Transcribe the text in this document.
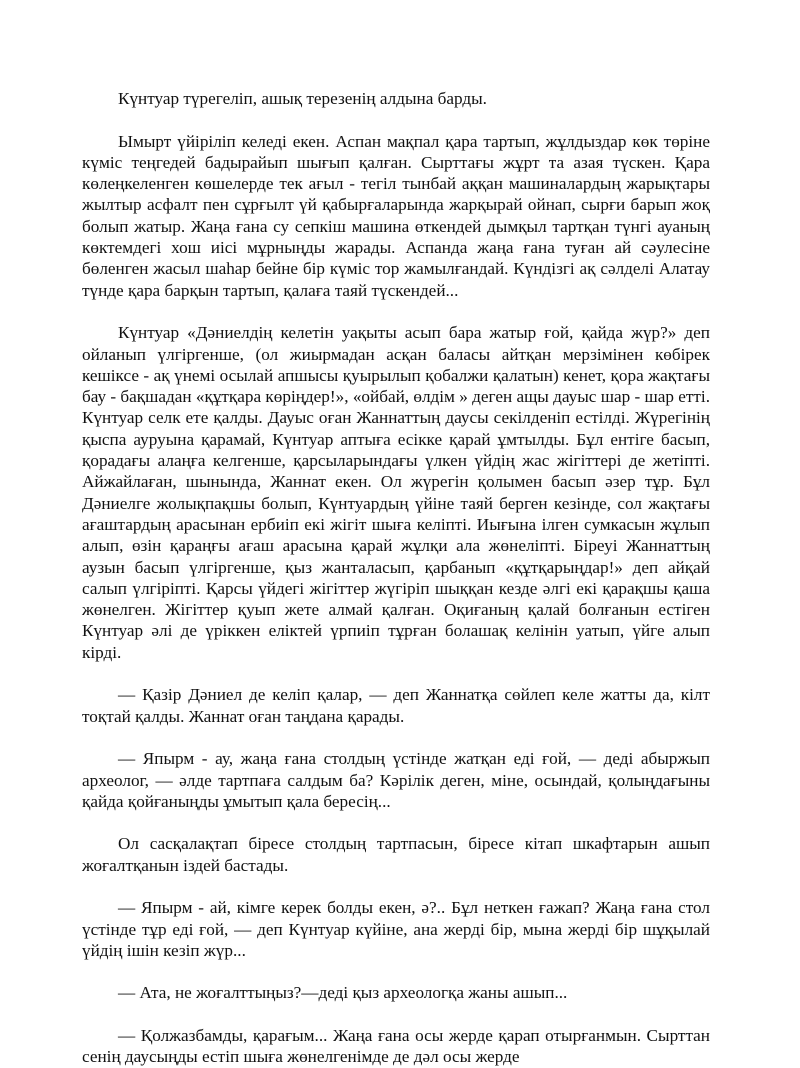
Күнтуар түрегеліп, ашық терезенің алдына барды.

Ымырт үйіріліп келеді екен. Аспан мақпал қара тартып, жұлдыздар көк төріне күміс теңгедей бадырайып шығып қалған. Сырттағы жұрт та азая түскен. Қара көлеңкеленген көшелерде тек ағыл - тегіл тынбай аққан машиналардың жарықтары жылтыр асфалт пен сұрғылт үй қабырғаларында жарқырай ойнап, сырғи барып жоқ болып жатыр. Жаңа ғана су сепкіш машина өткендей дымқыл тартқан түнгі ауаның көктемдегі хош иісі мұрныңды жарады. Аспанда жаңа ғана туған ай сәулесіне бөленген жасыл шаһар бейне бір күміс тор жамылғандай. Күндізгі ақ сәлделі Алатау түнде қара барқын тартып, қалаға таяй түскендей...

Күнтуар «Дәниелдің келетін уақыты асып бара жатыр ғой, қайда жүр?» деп ойланып үлгіргенше, (ол жиырмадан асқан баласы айтқан мерзімінен көбірек кешіксе - ақ үнемі осылай апшысы қуырылып қобалжи қалатын) кенет, қора жақтағы бау - бақшадан «құтқара көріңдер!», «ойбай, өлдім » деген ащы дауыс шар - шар етті. Күнтуар селк ете қалды. Дауыс оған Жаннаттың даусы секілденіп естілді. Жүрегінің қыспа ауруына қарамай, Күнтуар аптыға есікке қарай ұмтылды. Бұл ентіге басып, қорадағы алаңға келгенше, қарсыларындағы үлкен үйдің жас жігіттері де жетіпті. Айжайлаған, шынында, Жаннат екен. Ол жүрегін қолымен басып әзер тұр. Бұл Дәниелге жолықпақшы болып, Күнтуардың үйіне таяй берген кезінде, сол жақтағы ағаштардың арасынан ербиіп екі жігіт шыға келіпті. Иығына ілген сумкасын жұлып алып, өзін қараңғы ағаш арасына қарай жұлқи ала жөнеліпті. Біреуі Жаннаттың аузын басып үлгіргенше, қыз жанталасып, қарбанып «құтқарыңдар!» деп айқай салып үлгіріпті. Қарсы үйдегі жігіттер жүгіріп шыққан кезде әлгі екі қарақшы қаша жөнелген. Жігіттер қуып жете алмай қалған. Оқиғаның қалай болғанын естіген Күнтуар әлі де үріккен еліктей үрпиіп тұрған болашақ келінін уатып, үйге алып кірді.

— Қазір Дәниел де келіп қалар, — деп Жаннатқа сөйлеп келе жатты да, кілт тоқтай қалды. Жаннат оған таңдана қарады.

— Япырм - ау, жаңа ғана столдың үстінде жатқан еді ғой, — деді абыржып археолог, — әлде тартпаға салдым ба? Кәрілік деген, міне, осындай, қолыңдағыны қайда қойғаныңды ұмытып қала бересің...

Ол сасқалақтап біресе столдың тартпасын, біресе кітап шкафтарын ашып жоғалтқанын іздей бастады.

— Япырм - ай, кімге керек болды екен, ә?.. Бұл неткен ғажап? Жаңа ғана стол үстінде тұр еді ғой, — деп Күнтуар күйіне, ана жерді бір, мына жерді бір шұқылай үйдің ішін кезіп жүр...

— Ата, не жоғалттыңыз?—деді қыз археологқа жаны ашып...

— Қолжазбамды, қарағым... Жаңа ғана осы жерде қарап отырғанмын. Сырттан сенің даусыңды естіп шыға жөнелгенімде де дәл осы жерде
